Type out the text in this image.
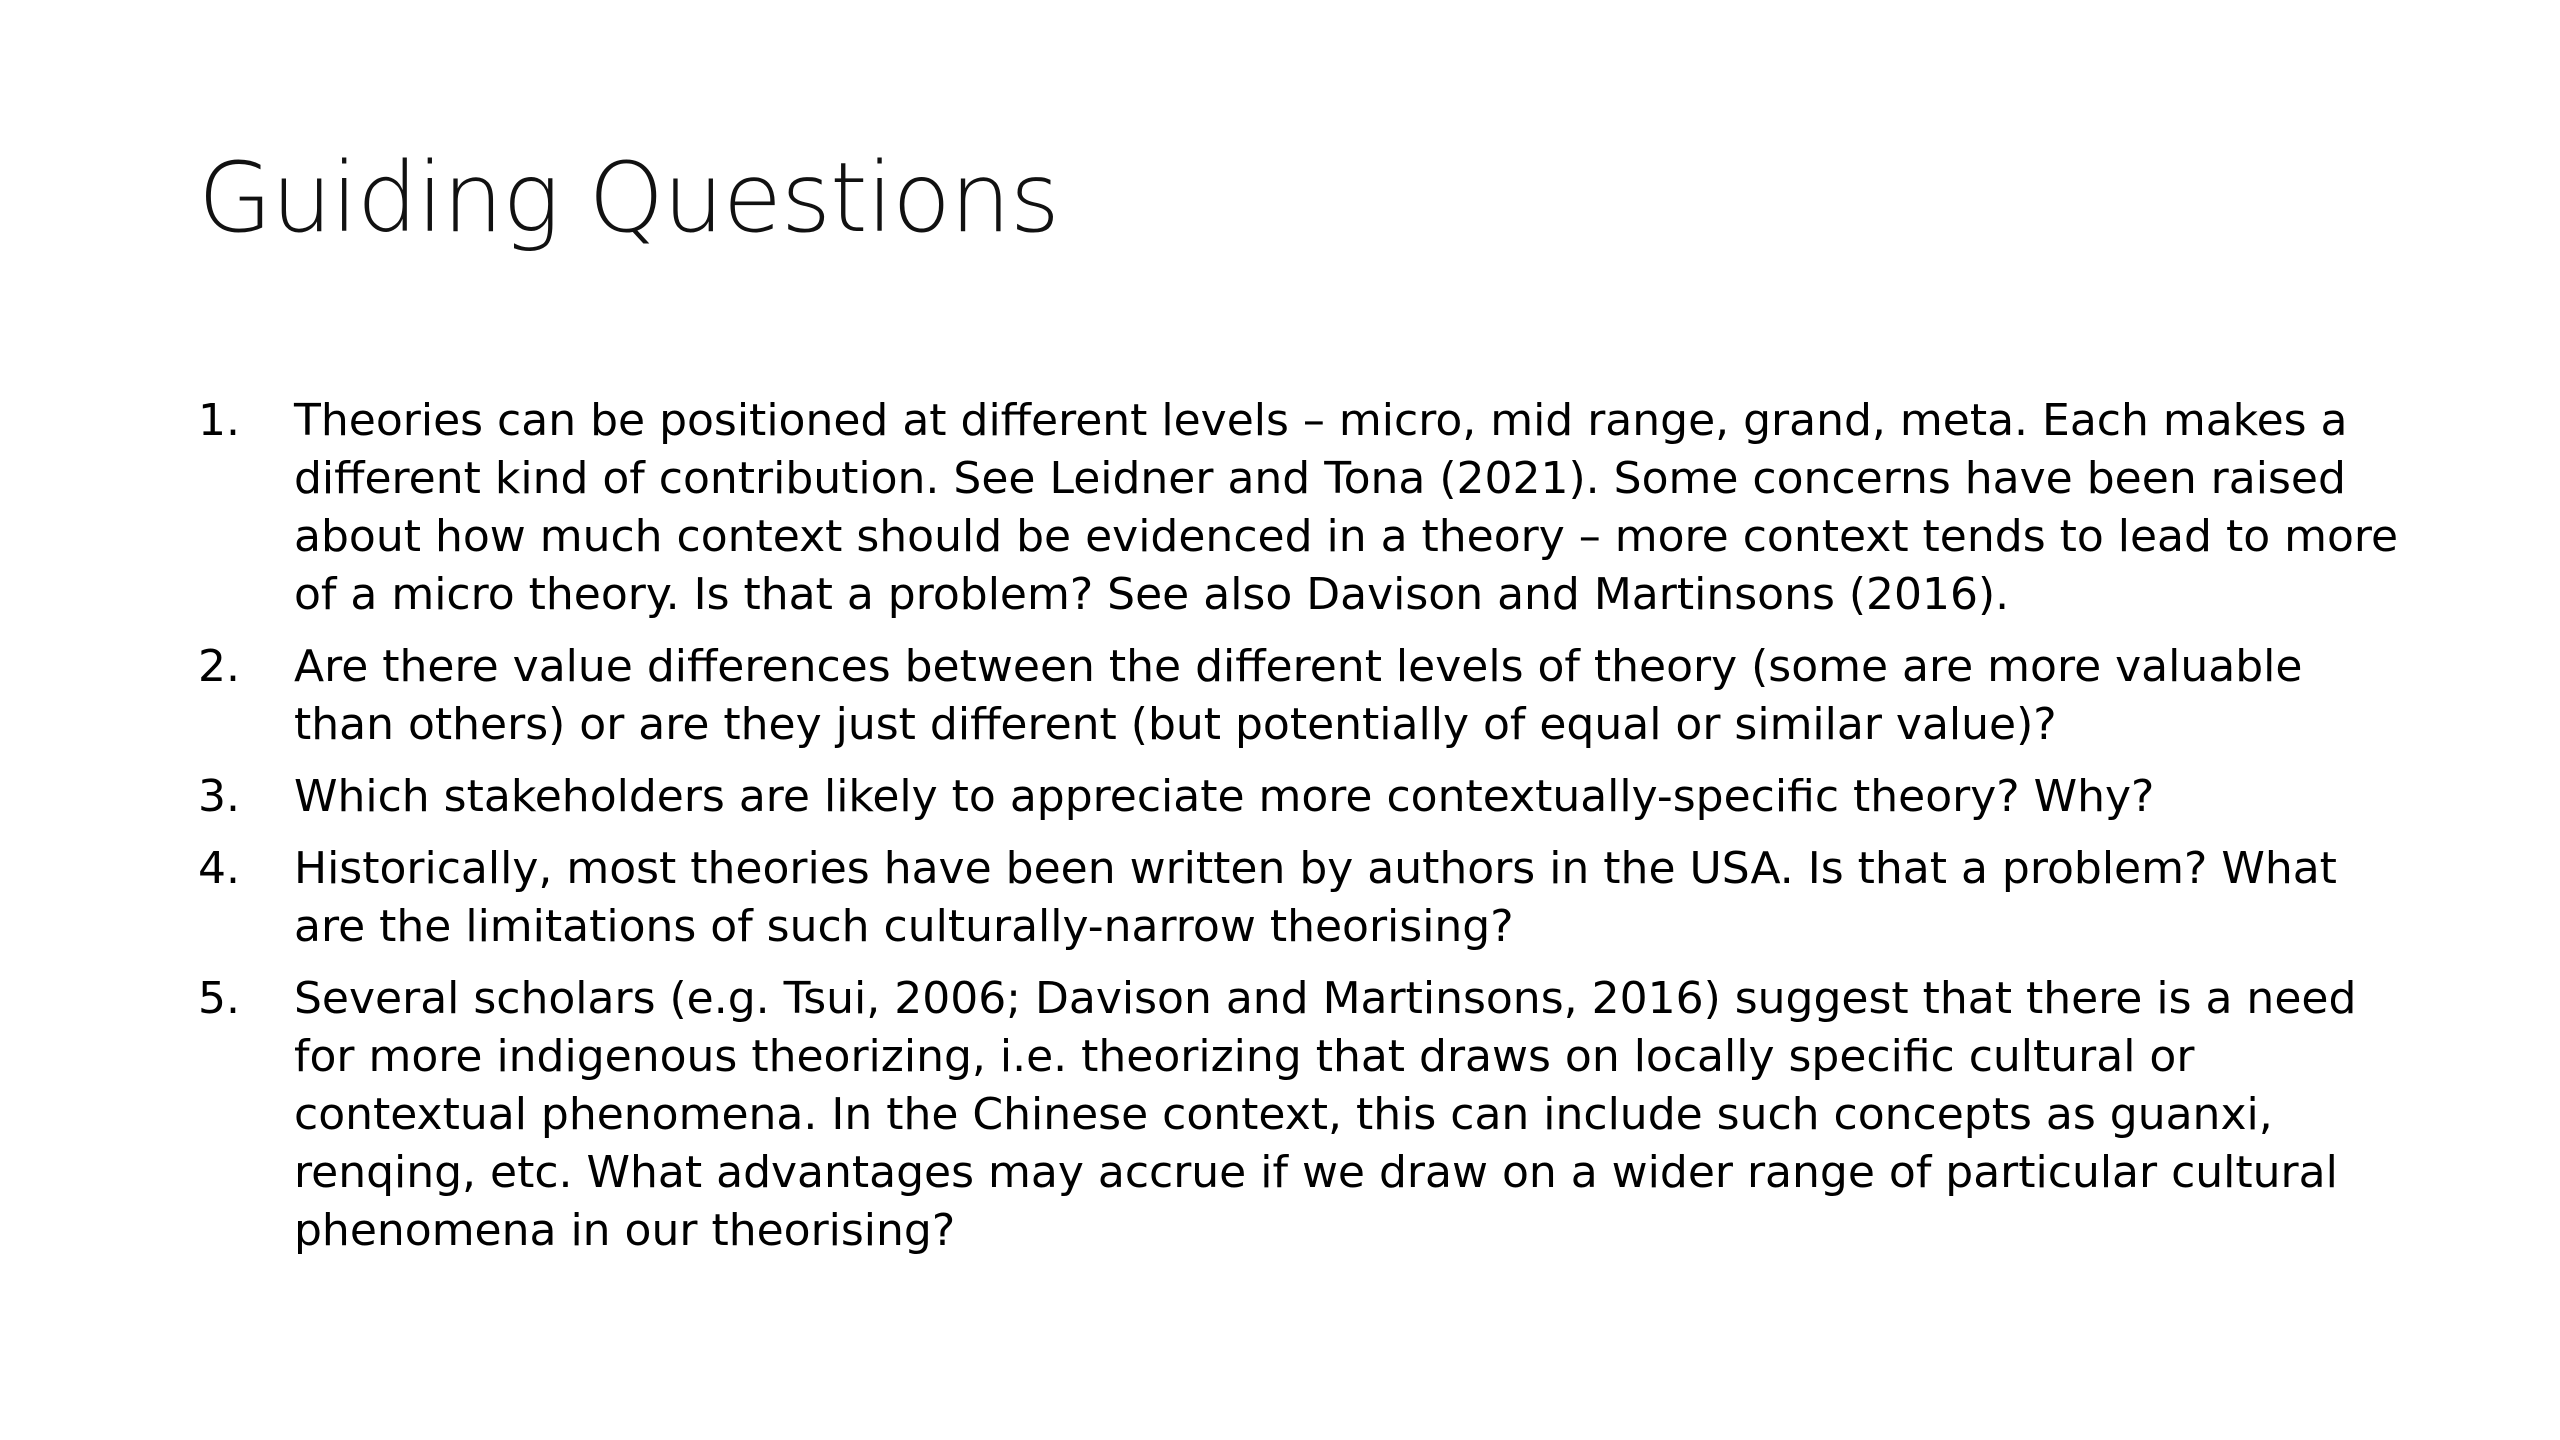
Guiding Questions
1.	Theories can be positioned at different levels – micro, mid range, grand, meta. Each makes a different kind of contribution. See Leidner and Tona (2021). Some concerns have been raised about how much context should be evidenced in a theory – more context tends to lead to more of a micro theory. Is that a problem? See also Davison and Martinsons (2016).
2.	Are there value differences between the different levels of theory (some are more valuable than others) or are they just different (but potentially of equal or similar value)?
3.	Which stakeholders are likely to appreciate more contextually-specific theory? Why?
4.	Historically, most theories have been written by authors in the USA. Is that a problem? What are the limitations of such culturally-narrow theorising?
5.	Several scholars (e.g. Tsui, 2006; Davison and Martinsons, 2016) suggest that there is a need for more indigenous theorizing, i.e. theorizing that draws on locally specific cultural or contextual phenomena. In the Chinese context, this can include such concepts as guanxi, renqing, etc. What advantages may accrue if we draw on a wider range of particular cultural phenomena in our theorising?
